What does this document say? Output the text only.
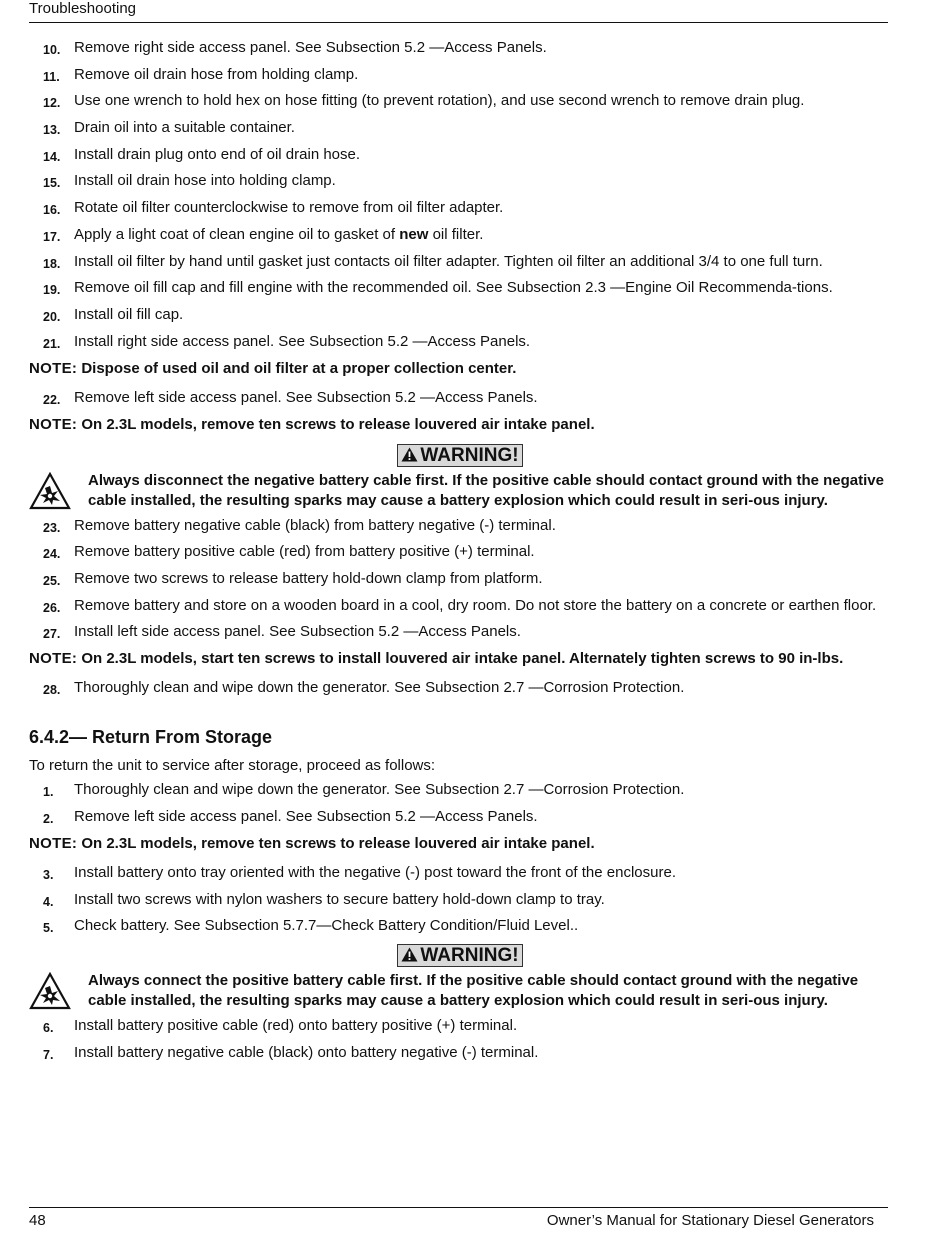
Troubleshooting
10. Remove right side access panel. See Subsection 5.2 —Access Panels.
11. Remove oil drain hose from holding clamp.
12. Use one wrench to hold hex on hose fitting (to prevent rotation), and use second wrench to remove drain plug.
13. Drain oil into a suitable container.
14. Install drain plug onto end of oil drain hose.
15. Install oil drain hose into holding clamp.
16. Rotate oil filter counterclockwise to remove from oil filter adapter.
17. Apply a light coat of clean engine oil to gasket of new oil filter.
18. Install oil filter by hand until gasket just contacts oil filter adapter. Tighten oil filter an additional 3/4 to one full turn.
19. Remove oil fill cap and fill engine with the recommended oil. See Subsection 2.3 —Engine Oil Recommenda-tions.
20. Install oil fill cap.
21. Install right side access panel. See Subsection 5.2 —Access Panels.
NOTE: Dispose of used oil and oil filter at a proper collection center.
22. Remove left side access panel. See Subsection 5.2 —Access Panels.
NOTE: On 2.3L models, remove ten screws to release louvered air intake panel.
WARNING!
Always disconnect the negative battery cable first. If the positive cable should contact ground with the negative cable installed, the resulting sparks may cause a battery explosion which could result in seri-ous injury.
23. Remove battery negative cable (black) from battery negative (-) terminal.
24. Remove battery positive cable (red) from battery positive (+) terminal.
25. Remove two screws to release battery hold-down clamp from platform.
26. Remove battery and store on a wooden board in a cool, dry room. Do not store the battery on a concrete or earthen floor.
27. Install left side access panel. See Subsection 5.2 —Access Panels.
NOTE: On 2.3L models, start ten screws to install louvered air intake panel. Alternately tighten screws to 90 in-lbs.
28. Thoroughly clean and wipe down the generator. See Subsection 2.7 —Corrosion Protection.
6.4.2— Return From Storage
To return the unit to service after storage, proceed as follows:
1.	Thoroughly clean and wipe down the generator. See Subsection 2.7 —Corrosion Protection.
2.	Remove left side access panel. See Subsection 5.2 —Access Panels.
NOTE: On 2.3L models, remove ten screws to release louvered air intake panel.
3.	Install battery onto tray oriented with the negative (-) post toward the front of the enclosure.
4.	Install two screws with nylon washers to secure battery hold-down clamp to tray.
5.	Check battery. See Subsection 5.7.7—Check Battery Condition/Fluid Level..
WARNING!
Always connect the positive battery cable first. If the positive cable should contact ground with the negative cable installed, the resulting sparks may cause a battery explosion which could result in seri-ous injury.
6.	Install battery positive cable (red) onto battery positive (+) terminal.
7.	Install battery negative cable (black) onto battery negative (-) terminal.
48	Owner’s Manual for Stationary Diesel Generators
